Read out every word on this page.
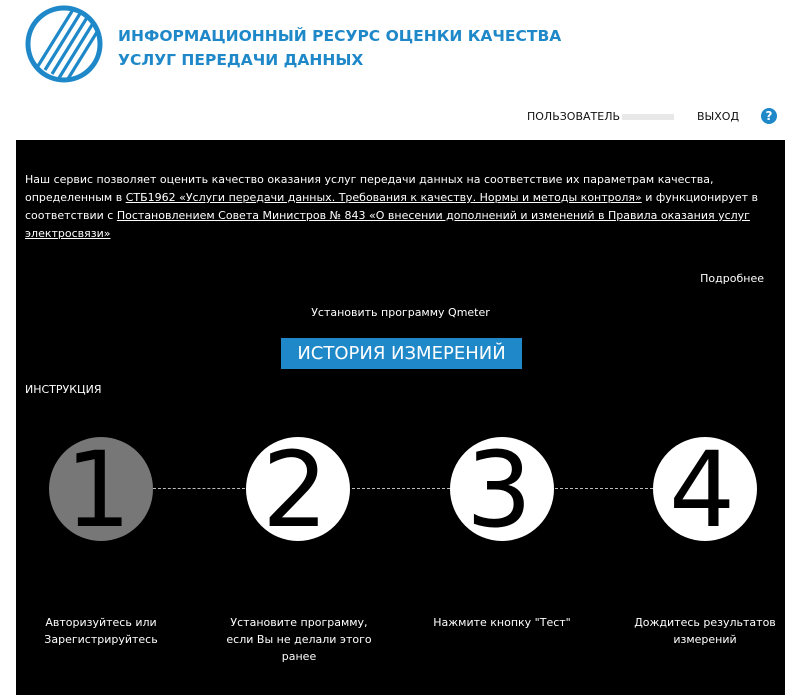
ИНФОРМАЦИОННЫЙ РЕСУРС ОЦЕНКИ КАЧЕСТВА
УСЛУГ ПЕРЕДАЧИ ДАННЫХ
ПОЛЬЗОВАТЕЛЬ	ВЫХОД	?
Наш сервис позволяет оценить качество оказания услуг передачи данных на соответствие их параметрам качества, определенным в СТБ1962 «Услуги передачи данных. Требования к качеству. Нормы и методы контроля» и функционирует в соответствии с Постановлением Совета Министров № 843 «О внесении дополнений и изменений в Правила оказания услуг электросвязи»
Подробнее
Установить программу Qmeter
ИСТОРИЯ ИЗМЕРЕНИЙ
ИНСТРУКЦИЯ
1 2 3 4
Авторизуйтесь или Зарегистрируйтесь
Установите программу, если Вы не делали этого ранее
Нажмите кнопку "Тест"	Дождитесь результатов измерений
